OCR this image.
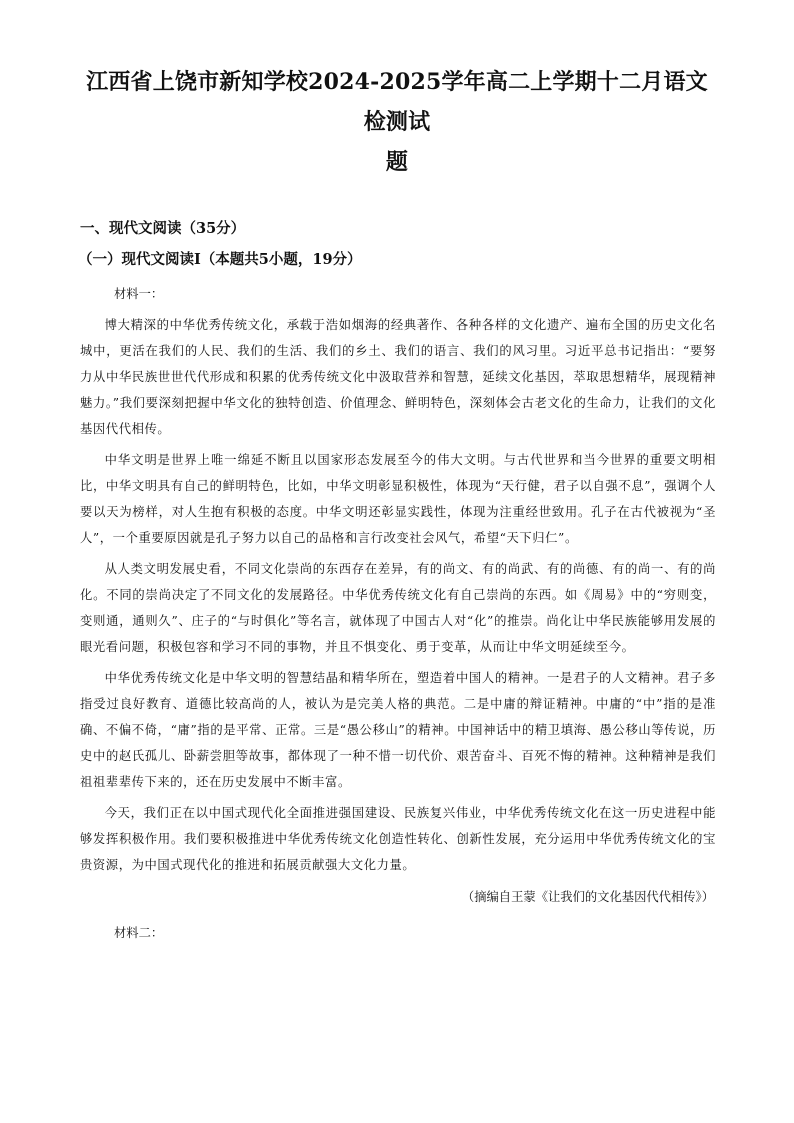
江西省上饶市新知学校2024-2025学年高二上学期十二月语文检测试
题
一、现代文阅读（35分）
（一）现代文阅读Ⅰ（本题共5小题，19分）

材料一：

博大精深的中华优秀传统文化，承载于浩如烟海的经典著作、各种各样的文化遗产、遍布全国的历史文化名城中，更活在我们的人民、我们的生活、我们的乡土、我们的语言、我们的风习里。习近平总书记指出：“要努力从中华民族世世代代形成和积累的优秀传统文化中汲取营养和智慧，延续文化基因，萃取思想精华，展现精神魅力。”我们要深刻把握中华文化的独特创造、价值理念、鲜明特色，深刻体会古老文化的生命力，让我们的文化基因代代相传。

中华文明是世界上唯一绵延不断且以国家形态发展至今的伟大文明。与古代世界和当今世界的重要文明相比，中华文明具有自己的鲜明特色，比如，中华文明彰显积极性，体现为“天行健，君子以自强不息”，强调个人要以天为榜样，对人生抱有积极的态度。中华文明还彰显实践性，体现为注重经世致用。孔子在古代被视为“圣人”，一个重要原因就是孔子努力以自己的品格和言行改变社会风气，希望“天下归仁”。

从人类文明发展史看，不同文化崇尚的东西存在差异，有的尚文、有的尚武、有的尚德、有的尚一、有的尚化。不同的崇尚决定了不同文化的发展路径。中华优秀传统文化有自己崇尚的东西。如《周易》中的“穷则变，变则通，通则久”、庄子的“与时俱化”等名言，就体现了中国古人对“化”的推崇。尚化让中华民族能够用发展的眼光看问题，积极包容和学习不同的事物，并且不惧变化、勇于变革，从而让中华文明延续至今。

中华优秀传统文化是中华文明的智慧结晶和精华所在，塑造着中国人的精神。一是君子的人文精神。君子多指受过良好教育、道德比较高尚的人，被认为是完美人格的典范。二是中庸的辩证精神。中庸的“中”指的是准确、不偏不倚，“庸”指的是平常、正常。三是“愚公移山”的精神。中国神话中的精卫填海、愚公移山等传说，历史中的赵氏孤儿、卧薪尝胆等故事，都体现了一种不惜一切代价、艰苦奋斗、百死不悔的精神。这种精神是我们祖祖辈辈传下来的，还在历史发展中不断丰富。

今天，我们正在以中国式现代化全面推进强国建设、民族复兴伟业，中华优秀传统文化在这一历史进程中能够发挥积极作用。我们要积极推进中华优秀传统文化创造性转化、创新性发展，充分运用中华优秀传统文化的宝贵资源，为中国式现代化的推进和拓展贡献强大文化力量。

（摘编自王蒙《让我们的文化基因代代相传》）

材料二：
